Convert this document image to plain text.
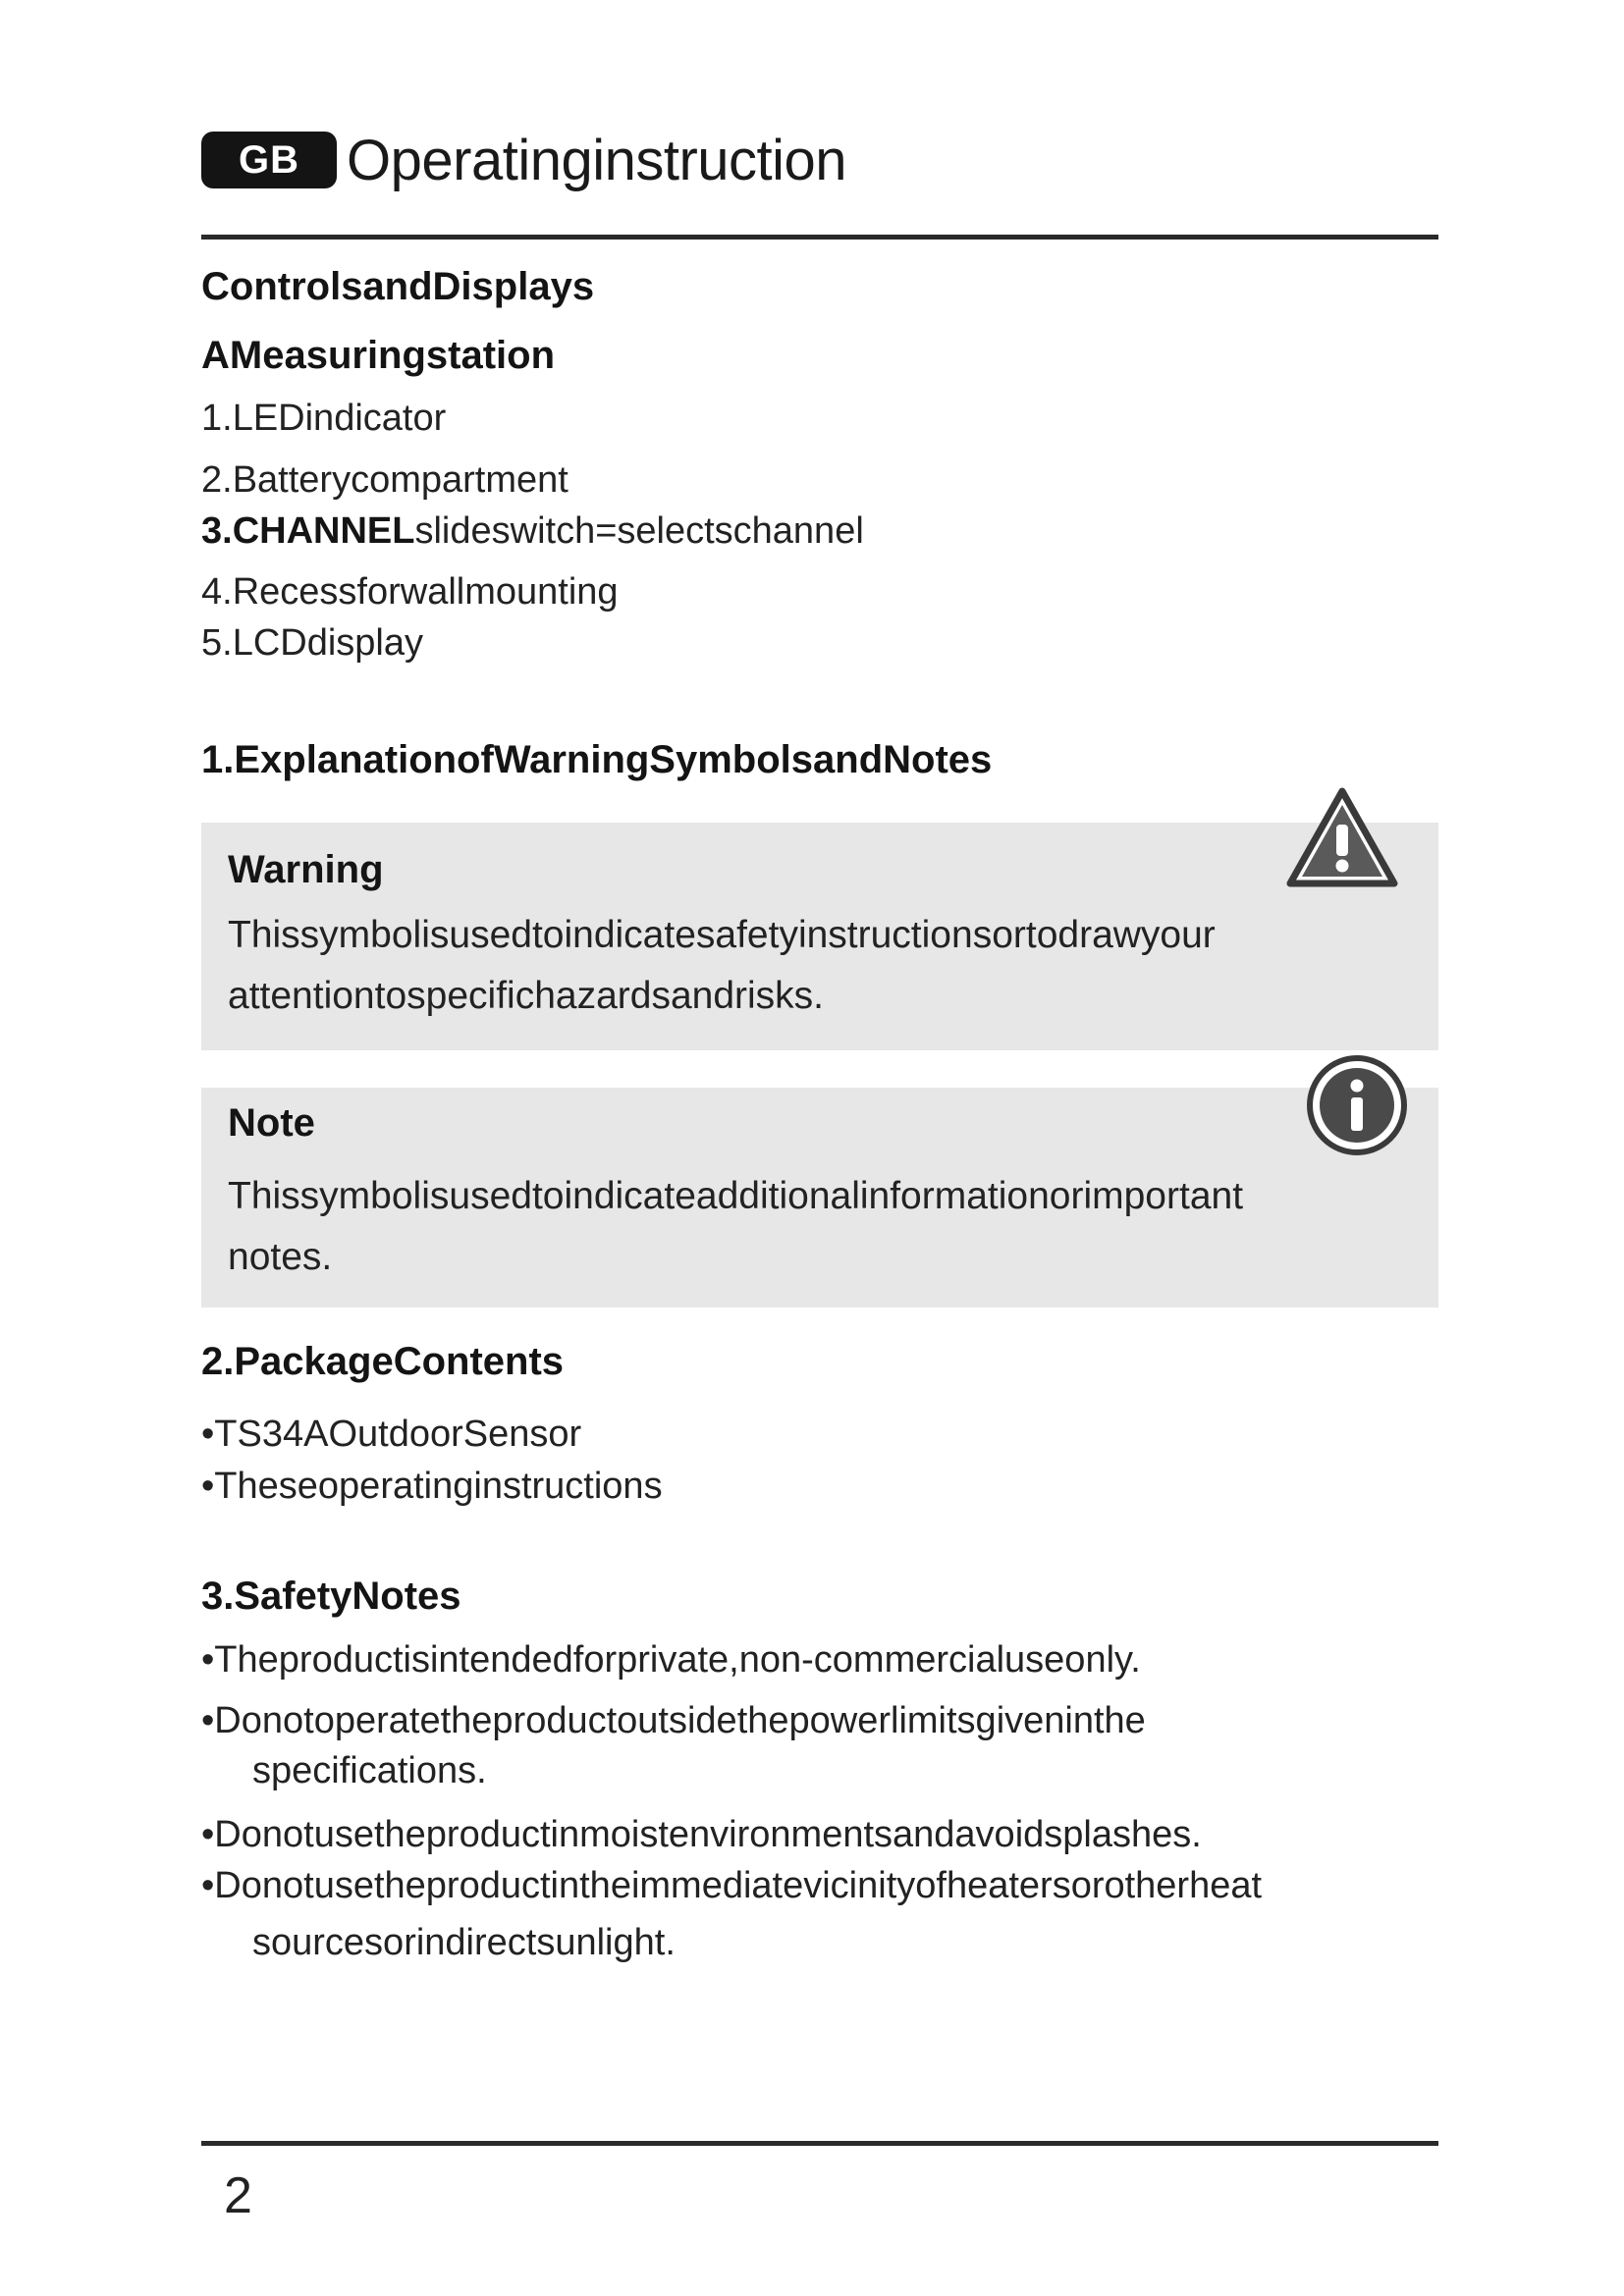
GB Operatinginstruction
ControlsandDisplays
AMeasuringstation
1.LEDindicator
2.Batterycompartment
3.CHANNELslideswitch=selectschannel
4.Recessforwallmounting
5.LCDdisplay
1.ExplanationofWarningSymbolsandNotes
Warning
Thissymbolisusedtoindicatesafetyinstructionsortodrawyour
attentiontospecifichazardsandrisks.
Note
Thissymbolisusedtoindicateadditionalinformationorimportant
notes.
2.PackageContents
•TS34AOutdoorSensor
•Theseoperatinginstructions
3.SafetyNotes
•Theproductisintendedforprivate,non-commercialuseonly.
•Donotoperatetheproductoutsidethepowerlimitsgiveninthe
specifications.
•Donotusetheproductinmoistenvironmentsandavoidsplashes.
•Donotusetheproductintheimmediatevicinityofheatersorotherheat
sourcesorindirectsunlight.
2
